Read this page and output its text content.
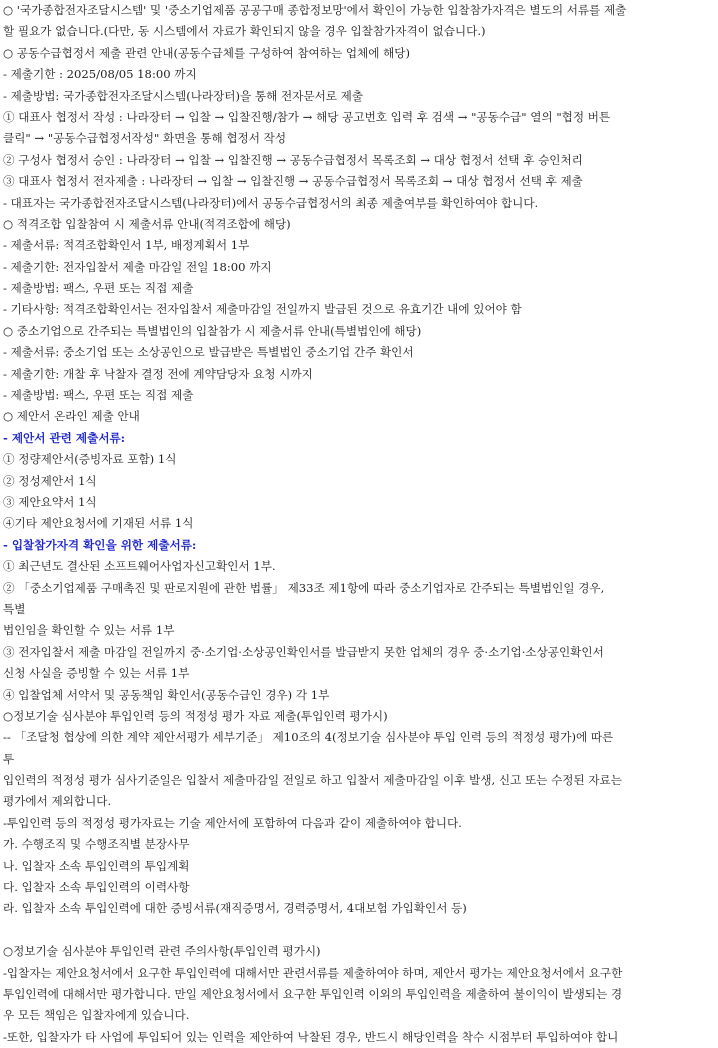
○ '국가종합전자조달시스템' 및 '중소기업제품 공공구매 종합정보망'에서 확인이 가능한 입찰참가자격은 별도의 서류를 제출
할 필요가 없습니다.(다만, 동 시스템에서 자료가 확인되지 않을 경우 입찰참가자격이 없습니다.)
○ 공동수급협정서 제출 관련 안내(공동수급체를 구성하여 참여하는 업체에 해당)
- 제출기한 : 2025/08/05 18:00 까지
- 제출방법: 국가종합전자조달시스템(나라장터)을 통해 전자문서로 제출
① 대표사 협정서 작성 : 나라장터 → 입찰 → 입찰진행/참가 → 해당 공고번호 입력 후 검색 → "공동수급" 열의 "협정 버튼
클릭" → "공동수급협정서작성" 화면을 통해 협정서 작성
② 구성사 협정서 승인 : 나라장터 → 입찰 → 입찰진행 → 공동수급협정서 목록조회 → 대상 협정서 선택 후 승인처리
③ 대표사 협정서 전자제출 : 나라장터 → 입찰 → 입찰진행 → 공동수급협정서 목록조회 → 대상 협정서 선택 후 제출
- 대표자는 국가종합전자조달시스템(나라장터)에서 공동수급협정서의 최종 제출여부를 확인하여야 합니다.
○ 적격조합 입찰참여 시 제출서류 안내(적격조합에 해당)
- 제출서류: 적격조합확인서 1부, 배정계획서 1부
- 제출기한: 전자입찰서 제출 마감일 전일 18:00 까지
- 제출방법: 팩스, 우편 또는 직접 제출
- 기타사항: 적격조합확인서는 전자입찰서 제출마감일 전일까지 발급된 것으로 유효기간 내에 있어야 함
○ 중소기업으로 간주되는 특별법인의 입찰참가 시 제출서류 안내(특별법인에 해당)
- 제출서류: 중소기업 또는 소상공인으로 발급받은 특별법인 중소기업 간주 확인서
- 제출기한: 개찰 후 낙찰자 결정 전에 계약담당자 요청 시까지
- 제출방법: 팩스, 우편 또는 직접 제출
○ 제안서 온라인 제출 안내
- 제안서 관련 제출서류:
① 정량제안서(증빙자료 포함) 1식
② 정성제안서 1식
③ 제안요약서 1식
④기타 제안요청서에 기재된 서류 1식
- 입찰참가자격 확인을 위한 제출서류:
① 최근년도 결산된 소프트웨어사업자신고확인서 1부.
② 「중소기업제품 구매촉진 및 판로지원에 관한 법률」 제33조 제1항에 따라 중소기업자로 간주되는 특별법인일 경우,
특별
법인임을 확인할 수 있는 서류 1부
③ 전자입찰서 제출 마감일 전일까지 중·소기업·소상공인확인서를 발급받지 못한 업체의 경우 중·소기업·소상공인확인서
신청 사실을 증빙할 수 있는 서류 1부
④ 입찰업체 서약서 및 공동책임 확인서(공동수급인 경우) 각 1부
○정보기술 심사분야 투입인력 등의 적정성 평가 자료 제출(투입인력 평가시)
-- 「조달청 협상에 의한 계약 제안서평가 세부기준」 제10조의 4(정보기술 심사분야 투입 인력 등의 적정성 평가)에 따른
투
입인력의 적정성 평가 심사기준일은 입찰서 제출마감일 전일로 하고 입찰서 제출마감일 이후 발생, 신고 또는 수정된 자료는
평가에서 제외합니다.
-투입인력 등의 적정성 평가자료는 기술 제안서에 포함하여 다음과 같이 제출하여야 합니다.
가. 수행조직 및 수행조직별 분장사무
나. 입찰자 소속 투입인력의 투입계획
다. 입찰자 소속 투입인력의 이력사항
라. 입찰자 소속 투입인력에 대한 증빙서류(재직증명서, 경력증명서, 4대보험 가입확인서 등)
○정보기술 심사분야 투입인력 관련 주의사항(투입인력 평가시)
-입찰자는 제안요청서에서 요구한 투입인력에 대해서만 관련서류를 제출하여야 하며, 제안서 평가는 제안요청서에서 요구한
투입인력에 대해서만 평가합니다. 만일 제안요청서에서 요구한 투입인력 이외의 투입인력을 제출하여 불이익이 발생되는 경
우 모든 책임은 입찰자에게 있습니다.
-또한, 입찰자가 타 사업에 투입되어 있는 인력을 제안하여 낙찰된 경우, 반드시 해당인력을 착수 시점부터 투입하여야 합니
